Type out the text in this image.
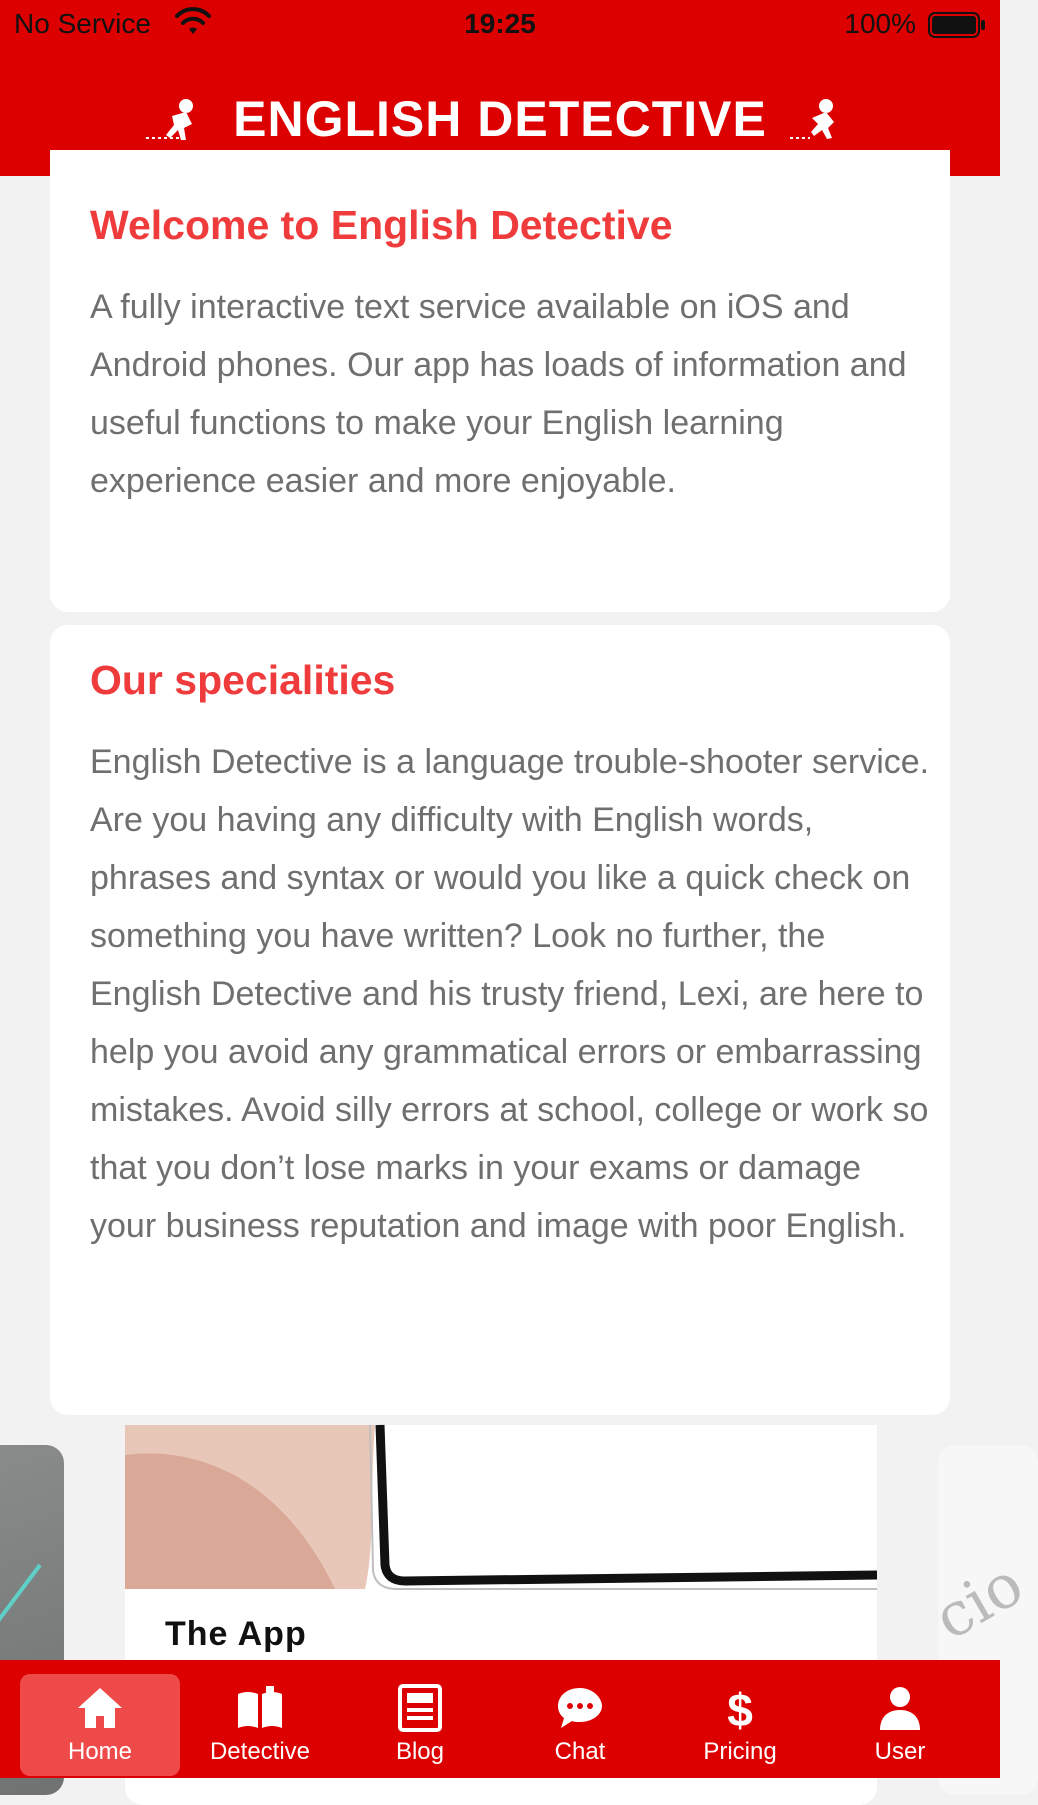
No Service	19:25	100%
ENGLISH DETECTIVE
Welcome to English Detective

A fully interactive text service available on iOS and Android phones. Our app has loads of information and useful functions to make your English learning experience easier and more enjoyable.

Our specialities

English Detective is a language trouble-shooter service. Are you having any difficulty with English words, phrases and syntax or would you like a quick check on something you have written? Look no further, the English Detective and his trusty friend, Lexi, are here to help you avoid any grammatical errors or embarrassing mistakes. Avoid silly errors at school, college or work so that you don’t lose marks in your exams or damage your business reputation and image with poor English.

The App	cio
Home	Detective	Blog	Chat
$
Pricing	User
